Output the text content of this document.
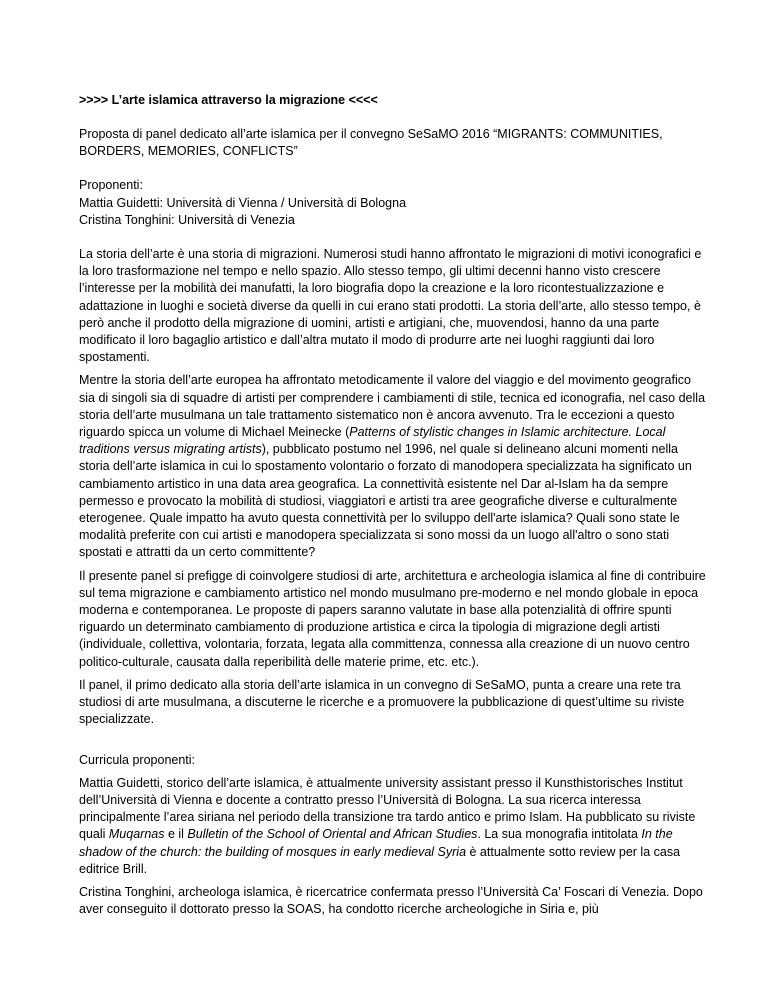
>>>> L’arte islamica attraverso la migrazione <<<<

Proposta di panel dedicato all’arte islamica per il convegno SeSaMO 2016 “MIGRANTS: COMMUNITIES, BORDERS, MEMORIES, CONFLICTS”

Proponenti:

Mattia Guidetti: Università di Vienna / Università di Bologna

Cristina Tonghini: Università di Venezia

La storia dell’arte è una storia di migrazioni. Numerosi studi hanno affrontato le migrazioni di motivi iconografici e la loro trasformazione nel tempo e nello spazio. Allo stesso tempo, gli ultimi decenni hanno visto crescere l’interesse per la mobilità dei manufatti, la loro biografia dopo la creazione e la loro ricontestualizzazione e adattazione in luoghi e società diverse da quelli in cui erano stati prodotti. La storia dell’arte, allo stesso tempo, è però anche il prodotto della migrazione di uomini, artisti e artigiani, che, muovendosi, hanno da una parte modificato il loro bagaglio artistico e dall’altra mutato il modo di produrre arte nei luoghi raggiunti dai loro spostamenti.

Mentre la storia dell’arte europea ha affrontato metodicamente il valore del viaggio e del movimento geografico sia di singoli sia di squadre di artisti per comprendere i cambiamenti di stile, tecnica ed iconografia, nel caso della storia dell’arte musulmana un tale trattamento sistematico non è ancora avvenuto. Tra le eccezioni a questo riguardo spicca un volume di Michael Meinecke (Patterns of stylistic changes in Islamic architecture. Local traditions versus migrating artists), pubblicato postumo nel 1996, nel quale si delineano alcuni momenti nella storia dell’arte islamica in cui lo spostamento volontario o forzato di manodopera specializzata ha significato un cambiamento artistico in una data area geografica. La connettività esistente nel Dar al-Islam ha da sempre permesso e provocato la mobilità di studiosi, viaggiatori e artisti tra aree geografiche diverse e culturalmente eterogenee. Quale impatto ha avuto questa connettività per lo sviluppo dell'arte islamica? Quali sono state le modalità preferite con cui artisti e manodopera specializzata si sono mossi da un luogo all'altro o sono stati spostati e attratti da un certo committente?

Il presente panel si prefigge di coinvolgere studiosi di arte, architettura e archeologia islamica al fine di contribuire sul tema migrazione e cambiamento artistico nel mondo musulmano pre-moderno e nel mondo globale in epoca moderna e contemporanea. Le proposte di papers saranno valutate in base alla potenzialità di offrire spunti riguardo un determinato cambiamento di produzione artistica e circa la tipologia di migrazione degli artisti (individuale, collettiva, volontaria, forzata, legata alla committenza, connessa alla creazione di un nuovo centro politico-culturale, causata dalla reperibilità delle materie prime, etc. etc.).

Il panel, il primo dedicato alla storia dell’arte islamica in un convegno di SeSaMO, punta a creare una rete tra studiosi di arte musulmana, a discuterne le ricerche e a promuovere la pubblicazione di quest’ultime su riviste specializzate.

Curricula proponenti:

Mattia Guidetti, storico dell’arte islamica, è attualmente university assistant presso il Kunsthistorisches Institut dell’Università di Vienna e docente a contratto presso l’Università di Bologna. La sua ricerca interessa principalmente l’area siriana nel periodo della transizione tra tardo antico e primo Islam. Ha pubblicato su riviste quali Muqarnas e il Bulletin of the School of Oriental and African Studies. La sua monografia intitolata In the shadow of the church: the building of mosques in early medieval Syria è attualmente sotto review per la casa editrice Brill.

Cristina Tonghini, archeologa islamica, è ricercatrice confermata presso l’Università Ca’ Foscari di Venezia. Dopo aver conseguito il dottorato presso la SOAS, ha condotto ricerche archeologiche in Siria e, più
